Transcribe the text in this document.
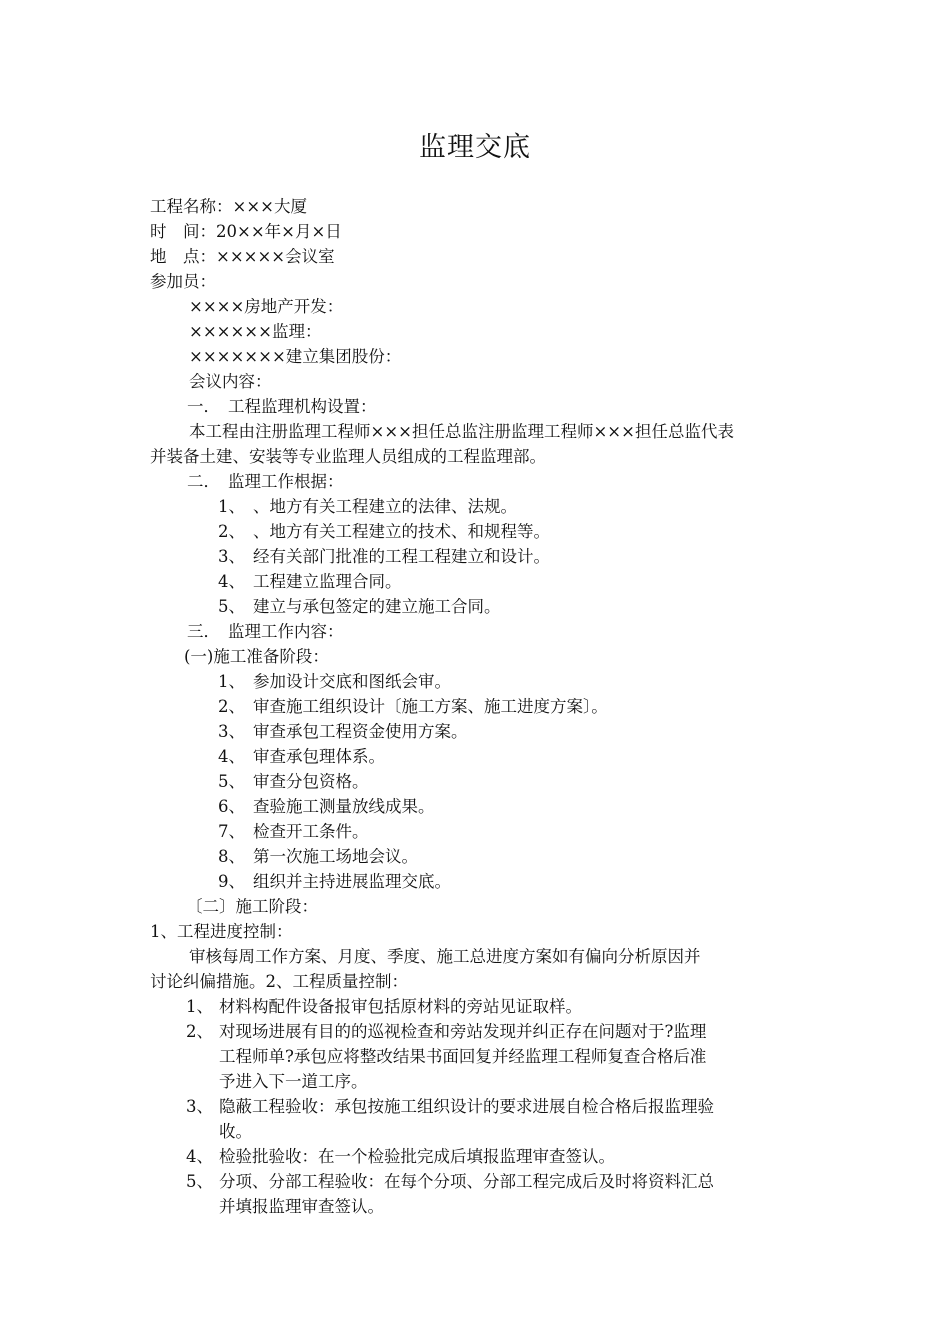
监理交底
工程名称：×××大厦
时　间：20××年×月×日
地　点：×××××会议室
参加员：
××××房地产开发：
××××××监理：
×××××××建立集团股份：
会议内容：
一． 工程监理机构设置：
本工程由注册监理工程师×××担任总监注册监理工程师×××担任总监代表
并装备土建、安装等专业监理人员组成的工程监理部。
二． 监理工作根据：
1、 、地方有关工程建立的法律、法规。
2、 、地方有关工程建立的技术、和规程等。
3、 经有关部门批准的工程工程建立和设计。
4、 工程建立监理合同。
5、 建立与承包签定的建立施工合同。
三． 监理工作内容：
(一)施工准备阶段：
1、 参加设计交底和图纸会审。
2、 审查施工组织设计〔施工方案、施工进度方案〕。
3、 审查承包工程资金使用方案。
4、 审查承包理体系。
5、 审查分包资格。
6、 查验施工测量放线成果。
7、 检查开工条件。
8、 第一次施工场地会议。
9、 组织并主持进展监理交底。
〔二〕施工阶段：
1、工程进度控制：
审核每周工作方案、月度、季度、施工总进度方案如有偏向分析原因并
讨论纠偏措施。2、工程质量控制：
1、 材料构配件设备报审包括原材料的旁站见证取样。
2、 对现场进展有目的的巡视检查和旁站发现并纠正存在问题对于?监理
工程师单?承包应将整改结果书面回复并经监理工程师复查合格后准
予进入下一道工序。
3、 隐蔽工程验收：承包按施工组织设计的要求进展自检合格后报监理验
收。
4、 检验批验收：在一个检验批完成后填报监理审查签认。
5、 分项、分部工程验收：在每个分项、分部工程完成后及时将资料汇总
并填报监理审查签认。
